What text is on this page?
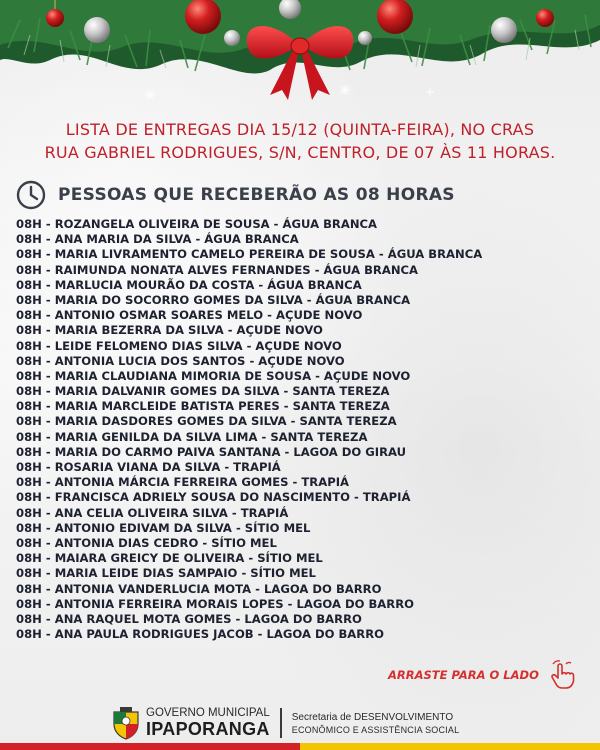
LISTA DE ENTREGAS DIA 15/12 (QUINTA-FEIRA), NO CRAS
RUA GABRIEL RODRIGUES, S/N, CENTRO, DE 07 ÀS 11 HORAS.
PESSOAS QUE RECEBERÃO AS 08 HORAS
08H - ROZANGELA OLIVEIRA DE SOUSA - ÁGUA BRANCA
08H - ANA MARIA DA SILVA - ÁGUA BRANCA
08H - MARIA LIVRAMENTO CAMELO PEREIRA DE SOUSA - ÁGUA BRANCA
08H - RAIMUNDA NONATA ALVES FERNANDES - ÁGUA BRANCA
08H - MARLUCIA MOURÃO DA COSTA - ÁGUA BRANCA
08H - MARIA DO SOCORRO GOMES DA SILVA - ÁGUA BRANCA
08H - ANTONIO OSMAR SOARES MELO - AÇUDE NOVO
08H - MARIA BEZERRA DA SILVA - AÇUDE NOVO
08H - LEIDE FELOMENO DIAS SILVA - AÇUDE NOVO
08H - ANTONIA LUCIA DOS SANTOS - AÇUDE NOVO
08H - MARIA CLAUDIANA MIMORIA DE SOUSA - AÇUDE NOVO
08H - MARIA DALVANIR GOMES DA SILVA - SANTA TEREZA
08H - MARIA MARCLEIDE BATISTA PERES - SANTA TEREZA
08H - MARIA DASDORES GOMES DA SILVA - SANTA TEREZA
08H - MARIA GENILDA DA SILVA LIMA - SANTA TEREZA
08H - MARIA DO CARMO PAIVA SANTANA - LAGOA DO GIRAU
08H - ROSARIA VIANA DA SILVA - TRAPIÁ
08H - ANTONIA MÁRCIA FERREIRA GOMES - TRAPIÁ
08H - FRANCISCA ADRIELY SOUSA DO NASCIMENTO - TRAPIÁ
08H - ANA CELIA OLIVEIRA SILVA - TRAPIÁ
08H - ANTONIO EDIVAM DA SILVA - SÍTIO MEL
08H - ANTONIA DIAS CEDRO - SÍTIO MEL
08H - MAIARA GREICY DE OLIVEIRA - SÍTIO MEL
08H - MARIA LEIDE DIAS SAMPAIO - SÍTIO MEL
08H - ANTONIA VANDERLUCIA MOTA - LAGOA DO BARRO
08H - ANTONIA FERREIRA MORAIS LOPES - LAGOA DO BARRO
08H - ANA RAQUEL MOTA GOMES - LAGOA DO BARRO
08H - ANA PAULA RODRIGUES JACOB - LAGOA DO BARRO
ARRASTE PARA O LADO
GOVERNO MUNICIPAL
IPAPORANGA
Secretaria de DESENVOLVIMENTO
ECONÔMICO E ASSISTÊNCIA SOCIAL
